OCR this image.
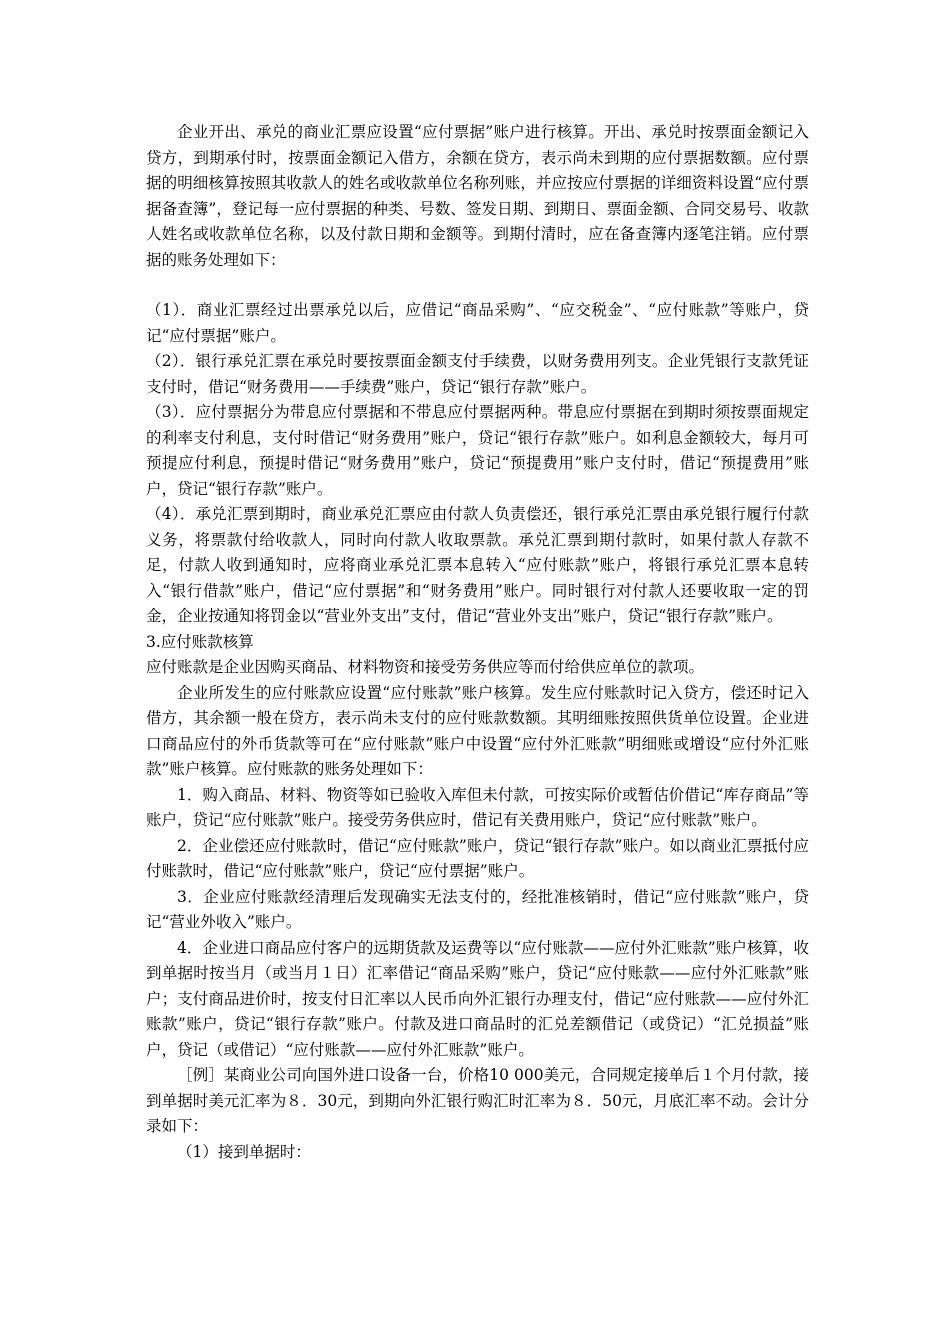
企业开出、承兑的商业汇票应设置“应付票据”账户进行核算。开出、承兑时按票面金额记入贷方，到期承付时，按票面金额记入借方，余额在贷方，表示尚未到期的应付票据数额。应付票据的明细核算按照其收款人的姓名或收款单位名称列账，并应按应付票据的详细资料设置“应付票据备查簿”，登记每一应付票据的种类、号数、签发日期、到期日、票面金额、合同交易号、收款人姓名或收款单位名称，以及付款日期和金额等。到期付清时，应在备查簿内逐笔注销。应付票据的账务处理如下：

（1）．商业汇票经过出票承兑以后，应借记“商品采购”、“应交税金”、“应付账款”等账户，贷记“应付票据”账户。

（2）．银行承兑汇票在承兑时要按票面金额支付手续费，以财务费用列支。企业凭银行支款凭证支付时，借记“财务费用——手续费”账户，贷记“银行存款”账户。

（3）．应付票据分为带息应付票据和不带息应付票据两种。带息应付票据在到期时须按票面规定的利率支付利息，支付时借记“财务费用”账户，贷记“银行存款”账户。如利息金额较大，每月可预提应付利息，预提时借记“财务费用”账户，贷记“预提费用”账户支付时，借记“预提费用”账户，贷记“银行存款”账户。

（4）．承兑汇票到期时，商业承兑汇票应由付款人负责偿还，银行承兑汇票由承兑银行履行付款义务，将票款付给收款人，同时向付款人收取票款。承兑汇票到期付款时，如果付款人存款不足，付款人收到通知时，应将商业承兑汇票本息转入“应付账款”账户，将银行承兑汇票本息转入“银行借款”账户，借记“应付票据”和“财务费用”账户。同时银行对付款人还要收取一定的罚金，企业按通知将罚金以“营业外支出”支付，借记“营业外支出”账户，贷记“银行存款”账户。

3.应付账款核算

应付账款是企业因购买商品、材料物资和接受劳务供应等而付给供应单位的款项。

企业所发生的应付账款应设置“应付账款”账户核算。发生应付账款时记入贷方，偿还时记入借方，其余额一般在贷方，表示尚未支付的应付账款数额。其明细账按照供货单位设置。企业进口商品应付的外币货款等可在“应付账款”账户中设置“应付外汇账款”明细账或增设“应付外汇账款”账户核算。应付账款的账务处理如下：

1．购入商品、材料、物资等如已验收入库但未付款，可按实际价或暂估价借记“库存商品”等账户，贷记“应付账款”账户。接受劳务供应时，借记有关费用账户，贷记“应付账款”账户。

2．企业偿还应付账款时，借记“应付账款”账户，贷记“银行存款”账户。如以商业汇票抵付应付账款时，借记“应付账款”账户，贷记“应付票据”账户。

3．企业应付账款经清理后发现确实无法支付的，经批准核销时，借记“应付账款”账户，贷记“营业外收入”账户。

4．企业进口商品应付客户的远期货款及运费等以“应付账款——应付外汇账款”账户核算，收到单据时按当月（或当月１日）汇率借记“商品采购”账户，贷记“应付账款——应付外汇账款”账户；支付商品进价时，按支付日汇率以人民币向外汇银行办理支付，借记“应付账款——应付外汇账款”账户，贷记“银行存款”账户。付款及进口商品时的汇兑差额借记（或贷记）“汇兑损益”账户，贷记（或借记）“应付账款——应付外汇账款”账户。

［例］某商业公司向国外进口设备一台，价格10 000美元，合同规定接单后１个月付款，接到单据时美元汇率为８．30元，到期向外汇银行购汇时汇率为８．50元，月底汇率不动。会计分录如下：

（1）接到单据时：
